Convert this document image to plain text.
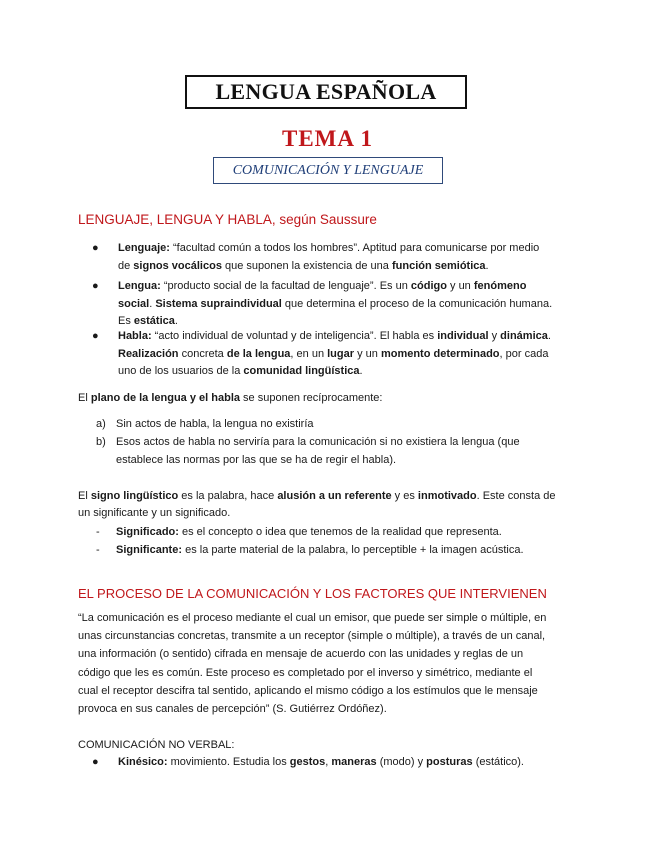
LENGUA ESPAÑOLA
TEMA 1
COMUNICACIÓN Y LENGUAJE
LENGUAJE, LENGUA Y HABLA, según Saussure
● Lenguaje: “facultad común a todos los hombres”. Aptitud para comunicarse por medio
de signos vocálicos que suponen la existencia de una función semiótica.
● Lengua: “producto social de la facultad de lenguaje”. Es un código y un fenómeno
social. Sistema supraindividual que determina el proceso de la comunicación humana.
Es estática.
● Habla: “acto individual de voluntad y de inteligencia”. El habla es individual y dinámica.
Realización concreta de la lengua, en un lugar y un momento determinado, por cada
uno de los usuarios de la comunidad lingüística.
El plano de la lengua y el habla se suponen recíprocamente:
a) Sin actos de habla, la lengua no existiría
b) Esos actos de habla no serviría para la comunicación si no existiera la lengua (que
establece las normas por las que se ha de regir el habla).
El signo lingüístico es la palabra, hace alusión a un referente y es inmotivado. Este consta de
un significante y un significado.
- Significado: es el concepto o idea que tenemos de la realidad que representa.
- Significante: es la parte material de la palabra, lo perceptible + la imagen acústica.
EL PROCESO DE LA COMUNICACIÓN Y LOS FACTORES QUE INTERVIENEN
“La comunicación es el proceso mediante el cual un emisor, que puede ser simple o múltiple, en
unas circunstancias concretas, transmite a un receptor (simple o múltiple), a través de un canal,
una información (o sentido) cifrada en mensaje de acuerdo con las unidades y reglas de un
código que les es común. Este proceso es completado por el inverso y simétrico, mediante el
cual el receptor descifra tal sentido, aplicando el mismo código a los estímulos que le mensaje
provoca en sus canales de percepción” (S. Gutiérrez Ordóñez).
COMUNICACIÓN NO VERBAL:
● Kinésico: movimiento. Estudia los gestos, maneras (modo) y posturas (estático).
